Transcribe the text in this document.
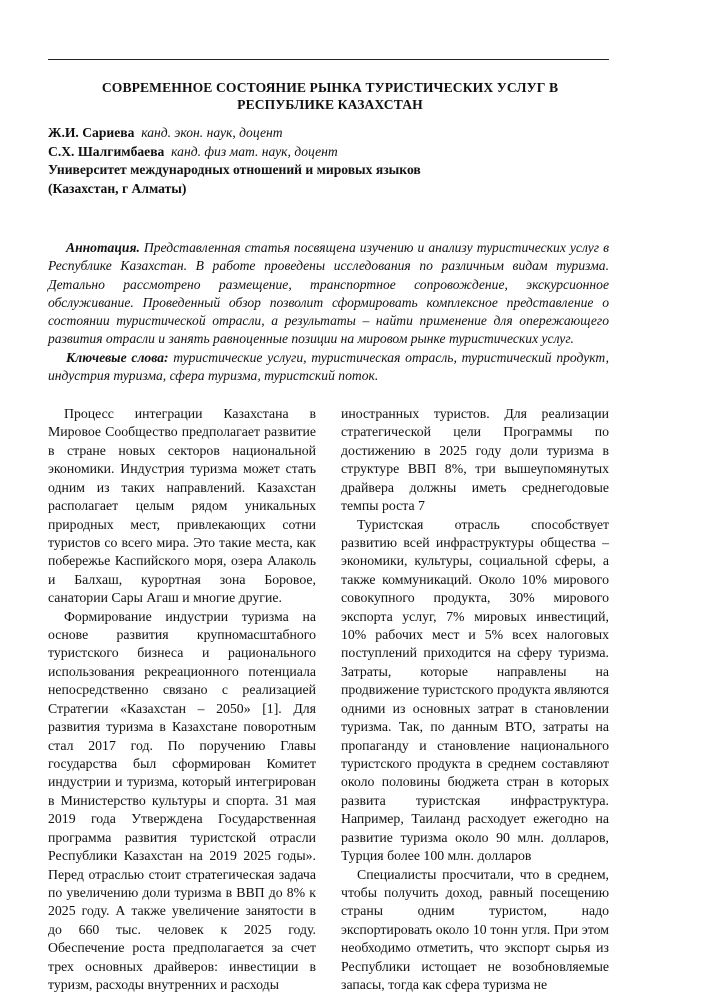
СОВРЕМЕННОЕ СОСТОЯНИЕ РЫНКА ТУРИСТИЧЕСКИХ УСЛУГ В РЕСПУБЛИКЕ КАЗАХСТАН
Ж.И. Сариева канд. экон. наук, доцент
С.Х. Шалгимбаева канд. физ мат. наук, доцент
Университет международных отношений и мировых языков
(Казахстан, г Алматы)

Аннотация. Представленная статья посвящена изучению и анализу туристических услуг в Республике Казахстан. В работе проведены исследования по различным видам туризма. Детально рассмотрено размещение, транспортное сопровождение, экскурсионное обслуживание. Проведенный обзор позволит сформировать комплексное представление о состоянии туристической отрасли, а результаты – найти применение для опережающего развития отрасли и занять равноценные позиции на мировом рынке туристических услуг.

Ключевые слова: туристические услуги, туристическая отрасль, туристический продукт, индустрия туризма, сфера туризма, туристский поток.

Процесс интеграции Казахстана в Мировое Сообщество предполагает развитие в стране новых секторов национальной экономики. Индустрия туризма может стать одним из таких направлений. Казахстан располагает целым рядом уникальных природных мест, привлекающих сотни туристов со всего мира. Это такие места, как побережье Каспийского моря, озера Алаколь и Балхаш, курортная зона Боровое, санатории Сары Агаш и многие другие.

Формирование индустрии туризма на основе развития крупномасштабного туристского бизнеса и рационального использования рекреационного потенциала непосредственно связано с реализацией Стратегии «Казахстан – 2050» [1]. Для развития туризма в Казахстане поворотным стал 2017 год. По поручению Главы государства был сформирован Комитет индустрии и туризма, который интегрирован в Министерство культуры и спорта. 31 мая 2019 года Утверждена Государственная программа развития туристской отрасли Республики Казахстан на 2019 2025 годы». Перед отраслью стоит стратегическая задача по увеличению доли туризма в ВВП до 8% к 2025 году. А также увеличение занятости в до 660 тыс. человек к 2025 году. Обеспечение роста предполагается за счет трех основных драйверов: инвестиции в туризм, расходы внутренних и расходы

иностранных туристов. Для реализации стратегической цели Программы по достижению в 2025 году доли туризма в структуре ВВП 8%, три вышеупомянутых драйвера должны иметь среднегодовые темпы роста 7

Туристская отрасль способствует развитию всей инфраструктуры общества – экономики, культуры, социальной сферы, а также коммуникаций. Около 10% мирового совокупного продукта, 30% мирового экспорта услуг, 7% мировых инвестиций, 10% рабочих мест и 5% всех налоговых поступлений приходится на сферу туризма. Затраты, которые направлены на продвижение туристского продукта являются одними из основных затрат в становлении туризма. Так, по данным ВТО, затраты на пропаганду и становление национального туристского продукта в среднем составляют около половины бюджета стран в которых развита туристская инфраструктура. Например, Таиланд расходует ежегодно на развитие туризма около 90 млн. долларов, Турция более 100 млн. долларов

Специалисты просчитали, что в среднем, чтобы получить доход, равный посещению страны одним туристом, надо экспортировать около 10 тонн угля. При этом необходимо отметить, что экспорт сырья из Республики истощает не возобновляемые запасы, тогда как сфера туризма не
